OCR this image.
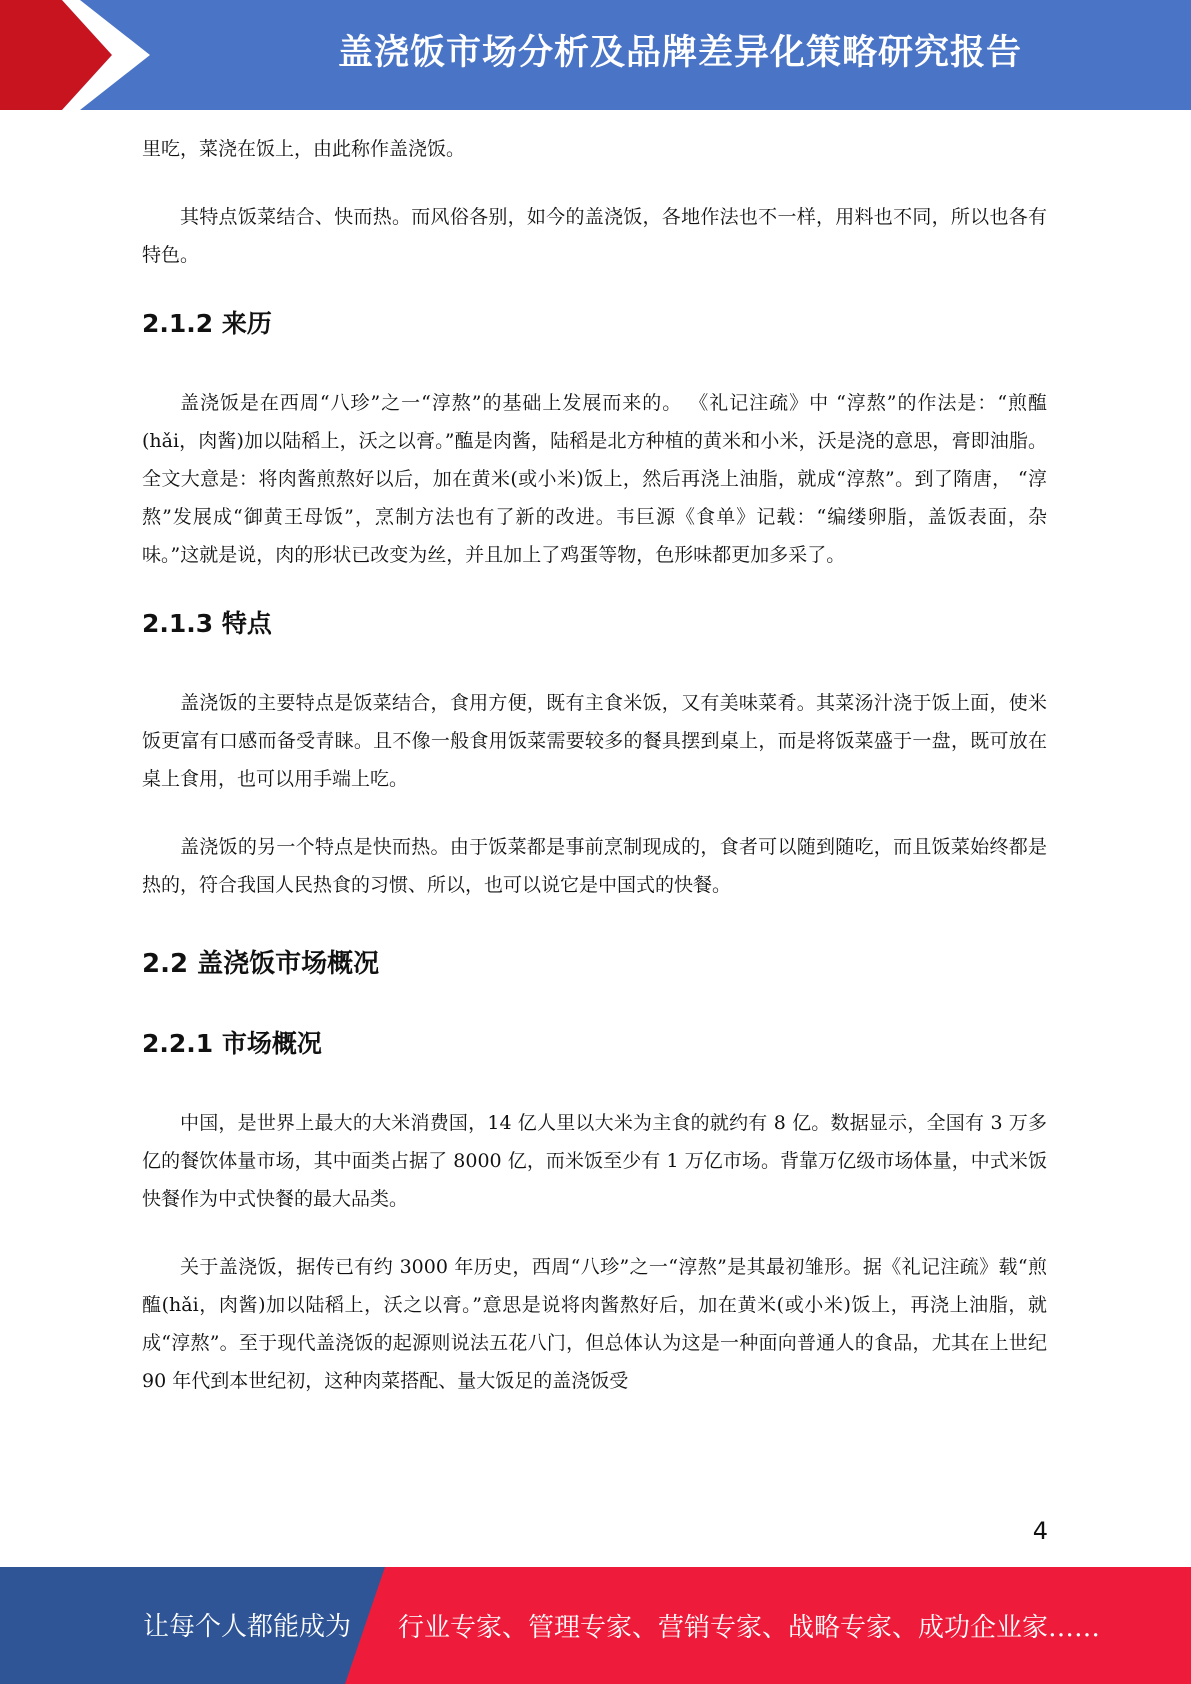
盖浇饭市场分析及品牌差异化策略研究报告

里吃，菜浇在饭上，由此称作盖浇饭。

其特点饭菜结合、快而热。而风俗各别，如今的盖浇饭，各地作法也不一样，用料也不同，所以也各有特色。

2.1.2 来历

盖浇饭是在西周“八珍”之一“淳熬”的基础上发展而来的。 《礼记注疏》中 “淳熬”的作法是：“煎醢(hǎi，肉酱)加以陆稻上，沃之以膏。”醢是肉酱，陆稻是北方种植的黄米和小米，沃是浇的意思，膏即油脂。全文大意是：将肉酱煎熬好以后，加在黄米(或小米)饭上，然后再浇上油脂，就成“淳熬”。到了隋唐， “淳熬”发展成“御黄王母饭”，烹制方法也有了新的改进。韦巨源《食单》记载：“编缕卵脂，盖饭表面，杂味。”这就是说，肉的形状已改变为丝，并且加上了鸡蛋等物，色形味都更加多采了。

2.1.3 特点

盖浇饭的主要特点是饭菜结合，食用方便，既有主食米饭，又有美味菜肴。其菜汤汁浇于饭上面，使米饭更富有口感而备受青睐。且不像一般食用饭菜需要较多的餐具摆到桌上，而是将饭菜盛于一盘，既可放在桌上食用，也可以用手端上吃。

盖浇饭的另一个特点是快而热。由于饭菜都是事前烹制现成的，食者可以随到随吃，而且饭菜始终都是热的，符合我国人民热食的习惯、所以，也可以说它是中国式的快餐。

2.2 盖浇饭市场概况
2.2.1 市场概况

中国，是世界上最大的大米消费国，14 亿人里以大米为主食的就约有 8 亿。数据显示，全国有 3 万多亿的餐饮体量市场，其中面类占据了 8000 亿，而米饭至少有 1 万亿市场。背靠万亿级市场体量，中式米饭快餐作为中式快餐的最大品类。

关于盖浇饭，据传已有约 3000 年历史，西周“八珍”之一“淳熬”是其最初雏形。据《礼记注疏》载“煎醢(hǎi，肉酱)加以陆稻上，沃之以膏。”意思是说将肉酱熬好后，加在黄米(或小米)饭上，再浇上油脂，就成“淳熬”。至于现代盖浇饭的起源则说法五花八门，但总体认为这是一种面向普通人的食品，尤其在上世纪 90 年代到本世纪初，这种肉菜搭配、量大饭足的盖浇饭受

4
让每个人都能成为 行业专家、管理专家、营销专家、战略专家、成功企业家……
